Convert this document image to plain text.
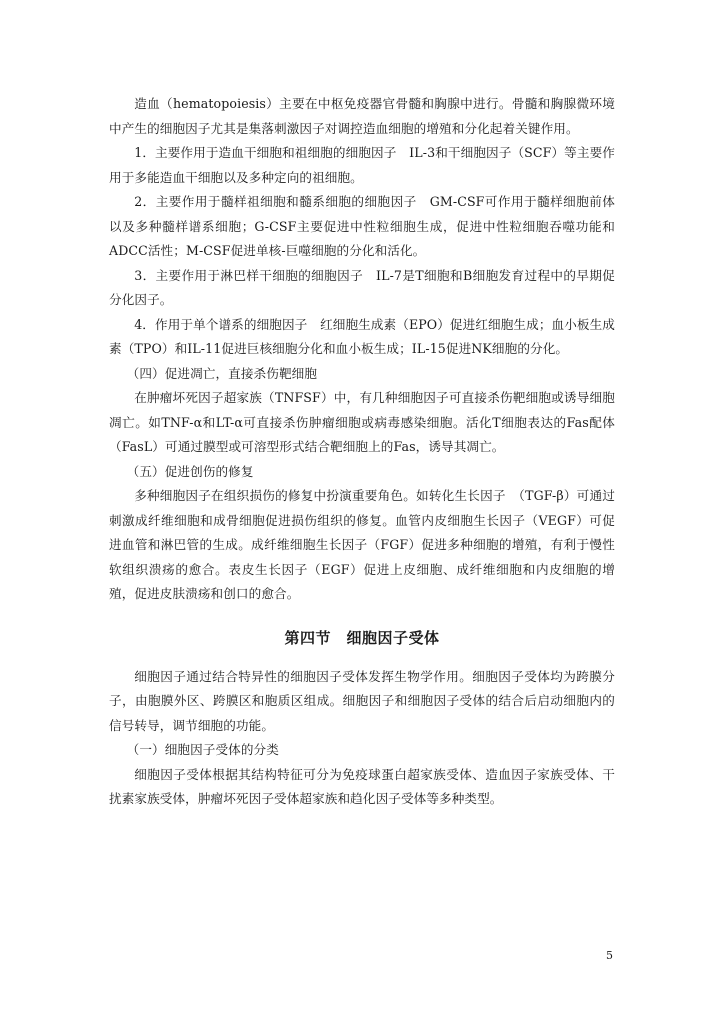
造血（hematopoiesis）主要在中枢免疫器官骨髓和胸腺中进行。骨髓和胸腺微环境中产生的细胞因子尤其是集落刺激因子对调控造血细胞的增殖和分化起着关键作用。

1．主要作用于造血干细胞和祖细胞的细胞因子　IL-3和干细胞因子（SCF）等主要作用于多能造血干细胞以及多种定向的祖细胞。

2．主要作用于髓样祖细胞和髓系细胞的细胞因子　GM-CSF可作用于髓样细胞前体以及多种髓样谱系细胞；G-CSF主要促进中性粒细胞生成，促进中性粒细胞吞噬功能和ADCC活性；M-CSF促进单核-巨噬细胞的分化和活化。

3．主要作用于淋巴样干细胞的细胞因子　IL-7是T细胞和B细胞发育过程中的早期促分化因子。

4．作用于单个谱系的细胞因子　红细胞生成素（EPO）促进红细胞生成；血小板生成素（TPO）和IL-11促进巨核细胞分化和血小板生成；IL-15促进NK细胞的分化。

（四）促进凋亡，直接杀伤靶细胞

在肿瘤坏死因子超家族（TNFSF）中，有几种细胞因子可直接杀伤靶细胞或诱导细胞凋亡。如TNF-α和LT-α可直接杀伤肿瘤细胞或病毒感染细胞。活化T细胞表达的Fas配体（FasL）可通过膜型或可溶型形式结合靶细胞上的Fas，诱导其凋亡。

（五）促进创伤的修复

多种细胞因子在组织损伤的修复中扮演重要角色。如转化生长因子　（TGF-β）可通过刺激成纤维细胞和成骨细胞促进损伤组织的修复。血管内皮细胞生长因子（VEGF）可促进血管和淋巴管的生成。成纤维细胞生长因子（FGF）促进多种细胞的增殖，有利于慢性软组织溃疡的愈合。表皮生长因子（EGF）促进上皮细胞、成纤维细胞和内皮细胞的增殖，促进皮肤溃疡和创口的愈合。

第四节　细胞因子受体

细胞因子通过结合特异性的细胞因子受体发挥生物学作用。细胞因子受体均为跨膜分子，由胞膜外区、跨膜区和胞质区组成。细胞因子和细胞因子受体的结合后启动细胞内的信号转导，调节细胞的功能。

（一）细胞因子受体的分类

细胞因子受体根据其结构特征可分为免疫球蛋白超家族受体、造血因子家族受体、干扰素家族受体，肿瘤坏死因子受体超家族和趋化因子受体等多种类型。

5
